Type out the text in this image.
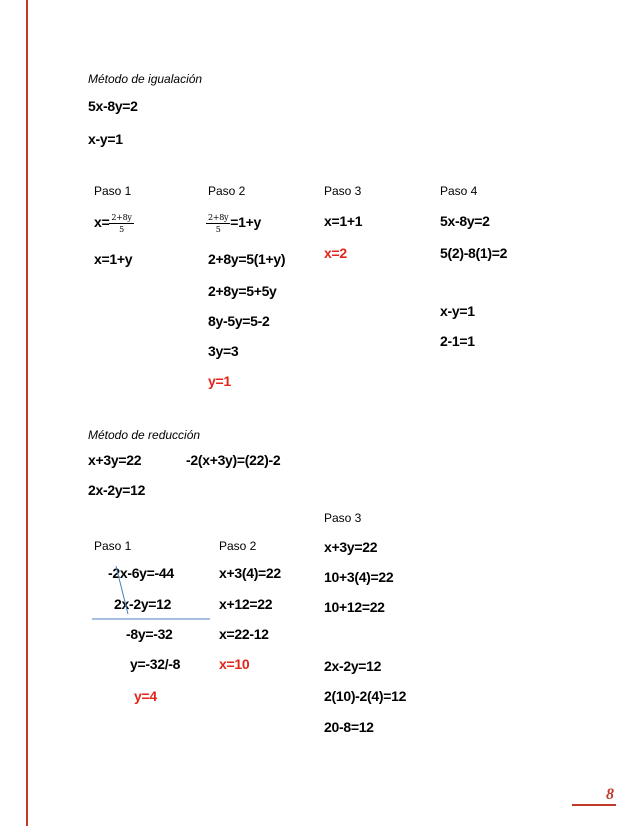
Método de igualación
5x-8y=2
x-y=1
Paso 1
$x= \frac{2+8y}{5}$
x=1+y
Paso 2
$\frac{2+8y}{5} =1+y$
2+8y=5(1+y)
2+8y=5+5y
8y-5y=5-2
3y=3
y=1
Paso 3
x=1+1
x=2
Paso 4
5x-8y=2
5(2)-8(1)=2
x-y=1
2-1=1
Método de reducción
x+3y=22	-2(x+3y)=(22)-2
2x-2y=12
Paso 3
Paso 1
-2x-6y=-44
2x-2y=12
-8y=-32
y=-32/-8
y=4
Paso 2
x+3(4)=22
x+12=22
x=22-12
x=10
x+3y=22
10+3(4)=22
10+12=22
2x-2y=12
2(10)-2(4)=12
20-8=12
8
